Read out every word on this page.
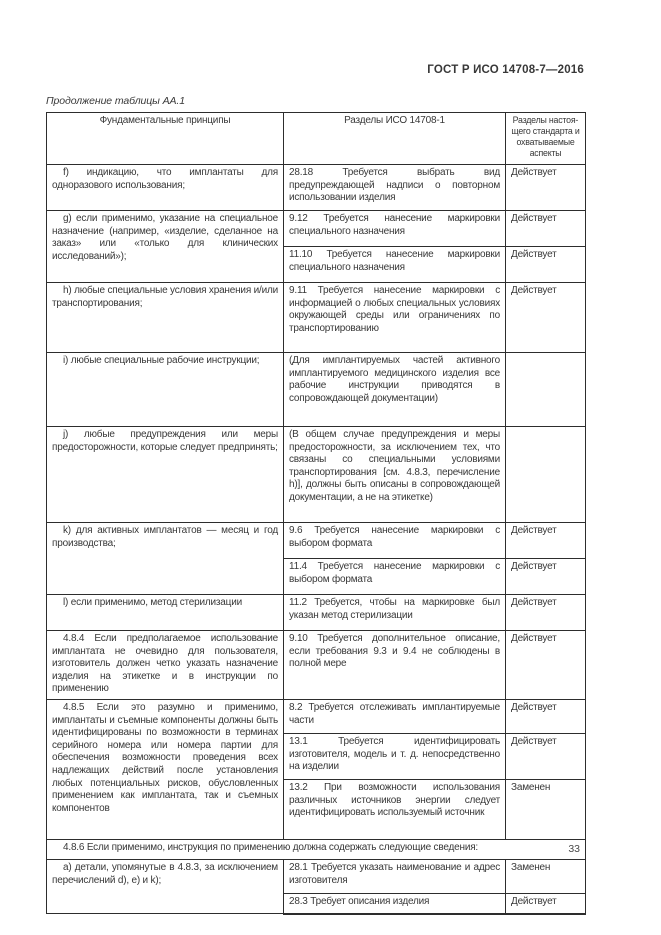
ГОСТ Р ИСО 14708-7—2016
Продолжение таблицы АА.1
Фундаментальные принципы	Разделы ИСО 14708-1	Разделы настоящего стандарта и охватываемые аспекты
f) индикацию, что имплантаты для одноразового использования;	28.18 Требуется выбрать вид предупреждающей надписи о повторном использовании изделия	Действует
g) если применимо, указание на специальное назначение (например, «изделие, сделанное на заказ» или «только для клинических исследований»);	9.12 Требуется нанесение маркировки специального назначения	Действует
	11.10 Требуется нанесение маркировки специального назначения	Действует
h) любые специальные условия хранения и/или транспортирования;	9.11 Требуется нанесение маркировки с информацией о любых специальных условиях окружающей среды или ограничениях по транспортированию	Действует
i) любые специальные рабочие инструкции;	(Для имплантируемых частей активного имплантируемого медицинского изделия все рабочие инструкции приводятся в сопровождающей документации)	
j) любые предупреждения или меры предосторожности, которые следует предпринять;	(В общем случае предупреждения и меры предосторожности, за исключением тех, что связаны со специальными условиями транспортирования [см. 4.8.3, перечисление h)], должны быть описаны в сопровождающей документации, а не на этикетке)	
k) для активных имплантатов — месяц и год производства;	9.6 Требуется нанесение маркировки с выбором формата	Действует
	11.4 Требуется нанесение маркировки с выбором формата	Действует
l) если применимо, метод стерилизации	11.2 Требуется, чтобы на маркировке был указан метод стерилизации	Действует
4.8.4 Если предполагаемое использование имплантата не очевидно для пользователя, изготовитель должен четко указать назначение изделия на этикетке и в инструкции по применению	9.10 Требуется дополнительное описание, если требования 9.3 и 9.4 не соблюдены в полной мере	Действует
4.8.5 Если это разумно и применимо, имплантаты и съемные компоненты должны быть идентифицированы по возможности в терминах серийного номера или номера партии для обеспечения возможности проведения всех надлежащих действий после установления любых потенциальных рисков, обусловленных применением как имплантата, так и съемных компонентов	8.2 Требуется отслеживать имплантируемые части	Действует
	13.1 Требуется идентифицировать изготовителя, модель и т. д. непосредственно на изделии	Действует
	13.2 При возможности использования различных источников энергии следует идентифицировать используемый источник	Заменен
4.8.6 Если применимо, инструкция по применению должна содержать следующие сведения:		
а) детали, упомянутые в 4.8.3, за исключением перечислений d), е) и k);	28.1 Требуется указать наименование и адрес изготовителя	Заменен
	28.3 Требует описания изделия	Действует
33
